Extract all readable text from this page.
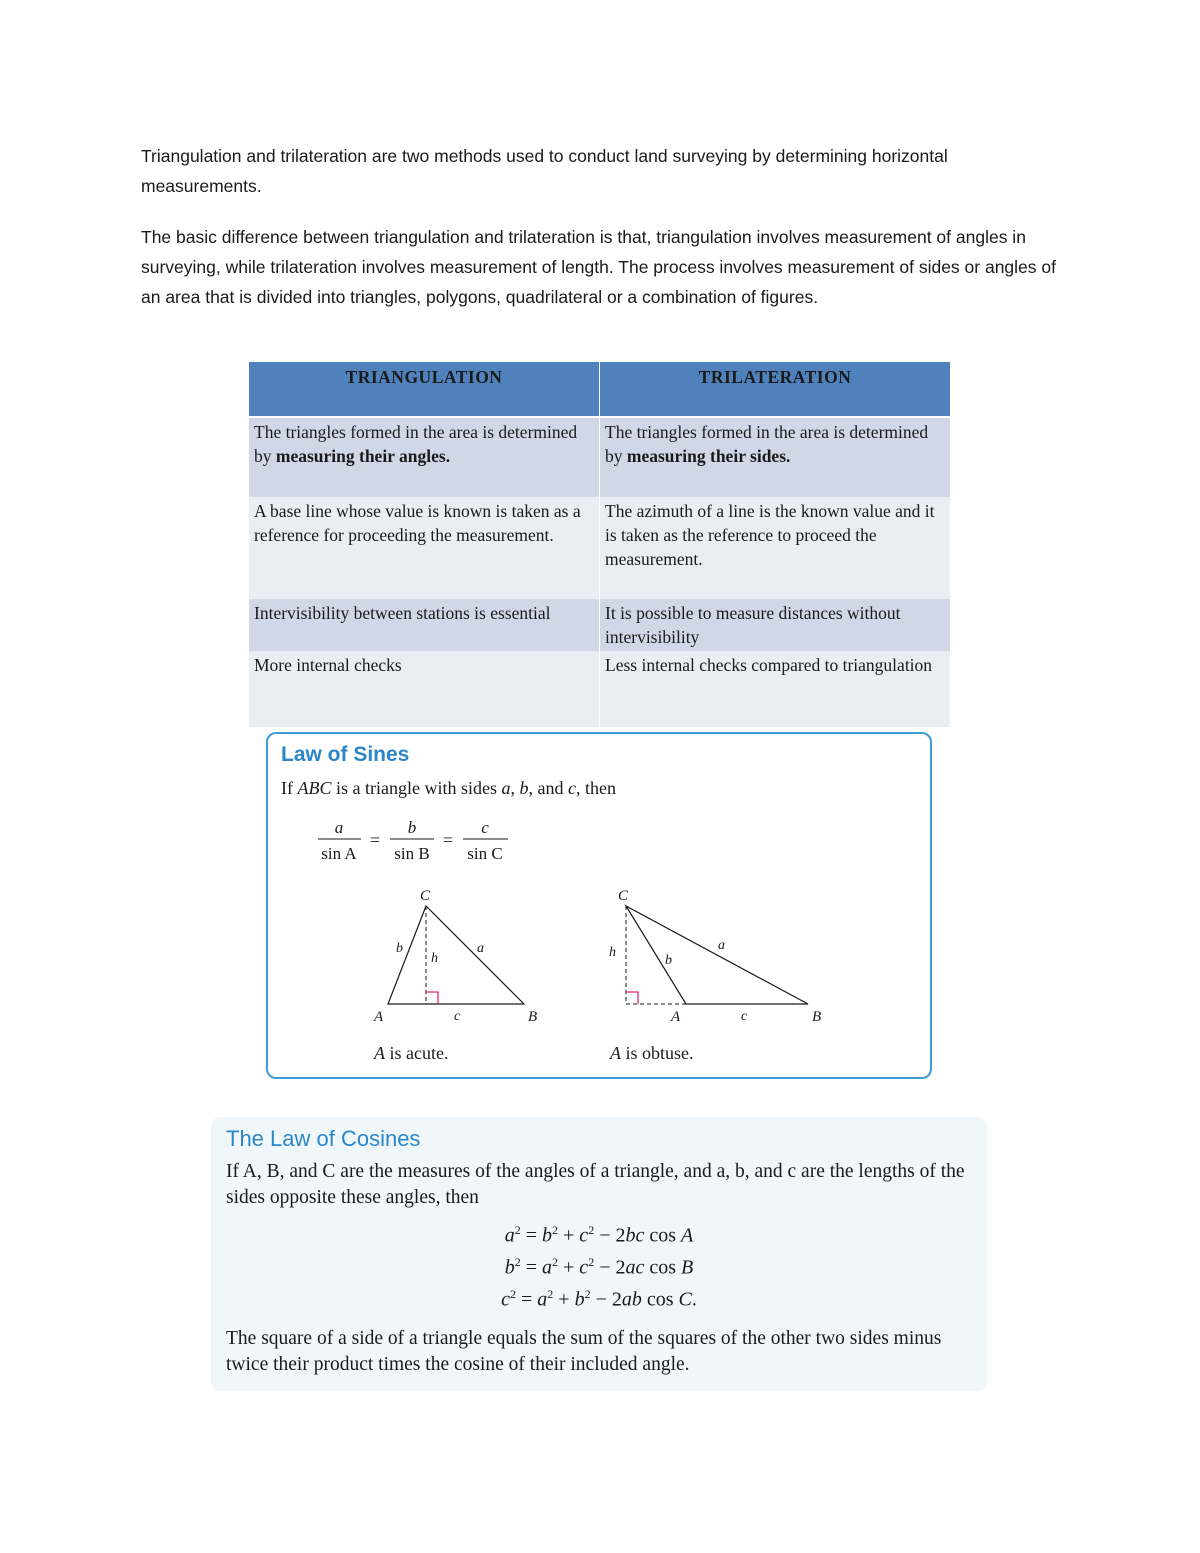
Triangulation and trilateration are two methods used to conduct land surveying by determining horizontal measurements.

The basic difference between triangulation and trilateration is that, triangulation involves measurement of angles in surveying, while trilateration involves measurement of length. The process involves measurement of sides or angles of an area that is divided into triangles, polygons, quadrilateral or a combination of figures.

TRIANGULATION	TRILATERATION
The triangles formed in the area is determined by measuring their angles.	The triangles formed in the area is determined by measuring their sides.
A base line whose value is known is taken as a reference for proceeding the measurement.	The azimuth of a line is the known value and it is taken as the reference to proceed the measurement.
Intervisibility between stations is essential	It is possible to measure distances without intervisibility
More internal checks	Less internal checks compared to triangulation
Law of Sines
If ABC is a triangle with sides a, b, and c, then
a
sin A
=
b
sin B
=
c
sin C
C
A	B
b
h
a
c
A is acute.
C
A	B
h
b
a
c
A is obtuse.
The Law of Cosines
If A, B, and C are the measures of the angles of a triangle, and a, b, and c are the lengths of the sides opposite these angles, then
$a^2 = b^2 + c^2 - 2bc$ cos A
$b^2 = a^2 + c^2 - 2ac$ cos B
$c^2 = a^2 + b^2 - 2ab$ cos C.
The square of a side of a triangle equals the sum of the squares of the other two sides minus twice their product times the cosine of their included angle.
